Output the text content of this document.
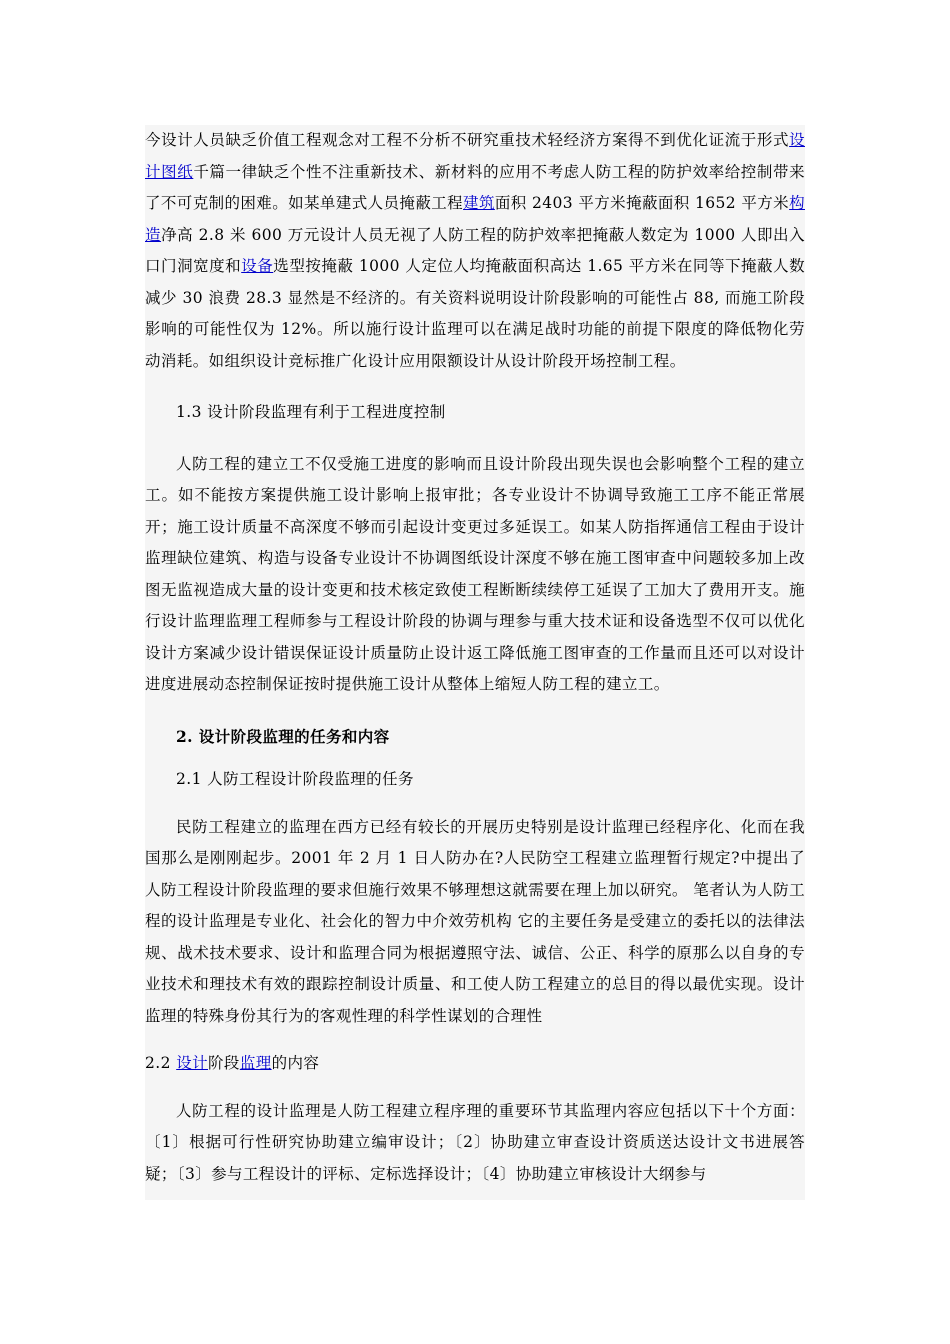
今设计人员缺乏价值工程观念对工程不分析不研究重技术轻经济方案得不到优化证流于形式设计图纸千篇一律缺乏个性不注重新技术、新材料的应用不考虑人防工程的防护效率给控制带来了不可克制的困难。如某单建式人员掩蔽工程建筑面积 2403 平方米掩蔽面积 1652 平方米构造净高 2.8 米 600 万元设计人员无视了人防工程的防护效率把掩蔽人数定为 1000 人即出入口门洞宽度和设备选型按掩蔽 1000 人定位人均掩蔽面积高达 1.65 平方米在同等下掩蔽人数减少 30 浪费 28.3 显然是不经济的。有关资料说明设计阶段影响的可能性占 88, 而施工阶段影响的可能性仅为 12%。所以施行设计监理可以在满足战时功能的前提下限度的降低物化劳动消耗。如组织设计竞标推广化设计应用限额设计从设计阶段开场控制工程。

1.3 设计阶段监理有利于工程进度控制

人防工程的建立工不仅受施工进度的影响而且设计阶段出现失误也会影响整个工程的建立工。如不能按方案提供施工设计影响上报审批；各专业设计不协调导致施工工序不能正常展开；施工设计质量不高深度不够而引起设计变更过多延误工。如某人防指挥通信工程由于设计监理缺位建筑、构造与设备专业设计不协调图纸设计深度不够在施工图审查中问题较多加上改图无监视造成大量的设计变更和技术核定致使工程断断续续停工延误了工加大了费用开支。施行设计监理监理工程师参与工程设计阶段的协调与理参与重大技术证和设备选型不仅可以优化设计方案减少设计错误保证设计质量防止设计返工降低施工图审查的工作量而且还可以对设计进度进展动态控制保证按时提供施工设计从整体上缩短人防工程的建立工。

2. 设计阶段监理的任务和内容

2.1 人防工程设计阶段监理的任务

民防工程建立的监理在西方已经有较长的开展历史特别是设计监理已经程序化、化而在我国那么是刚刚起步。2001 年 2 月 1 日人防办在?人民防空工程建立监理暂行规定?中提出了人防工程设计阶段监理的要求但施行效果不够理想这就需要在理上加以研究。 笔者认为人防工程的设计监理是专业化、社会化的智力中介效劳机构 它的主要任务是受建立的委托以的法律法规、战术技术要求、设计和监理合同为根据遵照守法、诚信、公正、科学的原那么以自身的专业技术和理技术有效的跟踪控制设计质量、和工使人防工程建立的总目的得以最优实现。设计监理的特殊身份其行为的客观性理的科学性谋划的合理性

2.2 设计阶段监理的内容

人防工程的设计监理是人防工程建立程序理的重要环节其监理内容应包括以下十个方面：〔1〕根据可行性研究协助建立编审设计；〔2〕协助建立审查设计资质送达设计文书进展答疑；〔3〕参与工程设计的评标、定标选择设计；〔4〕协助建立审核设计大纲参与
